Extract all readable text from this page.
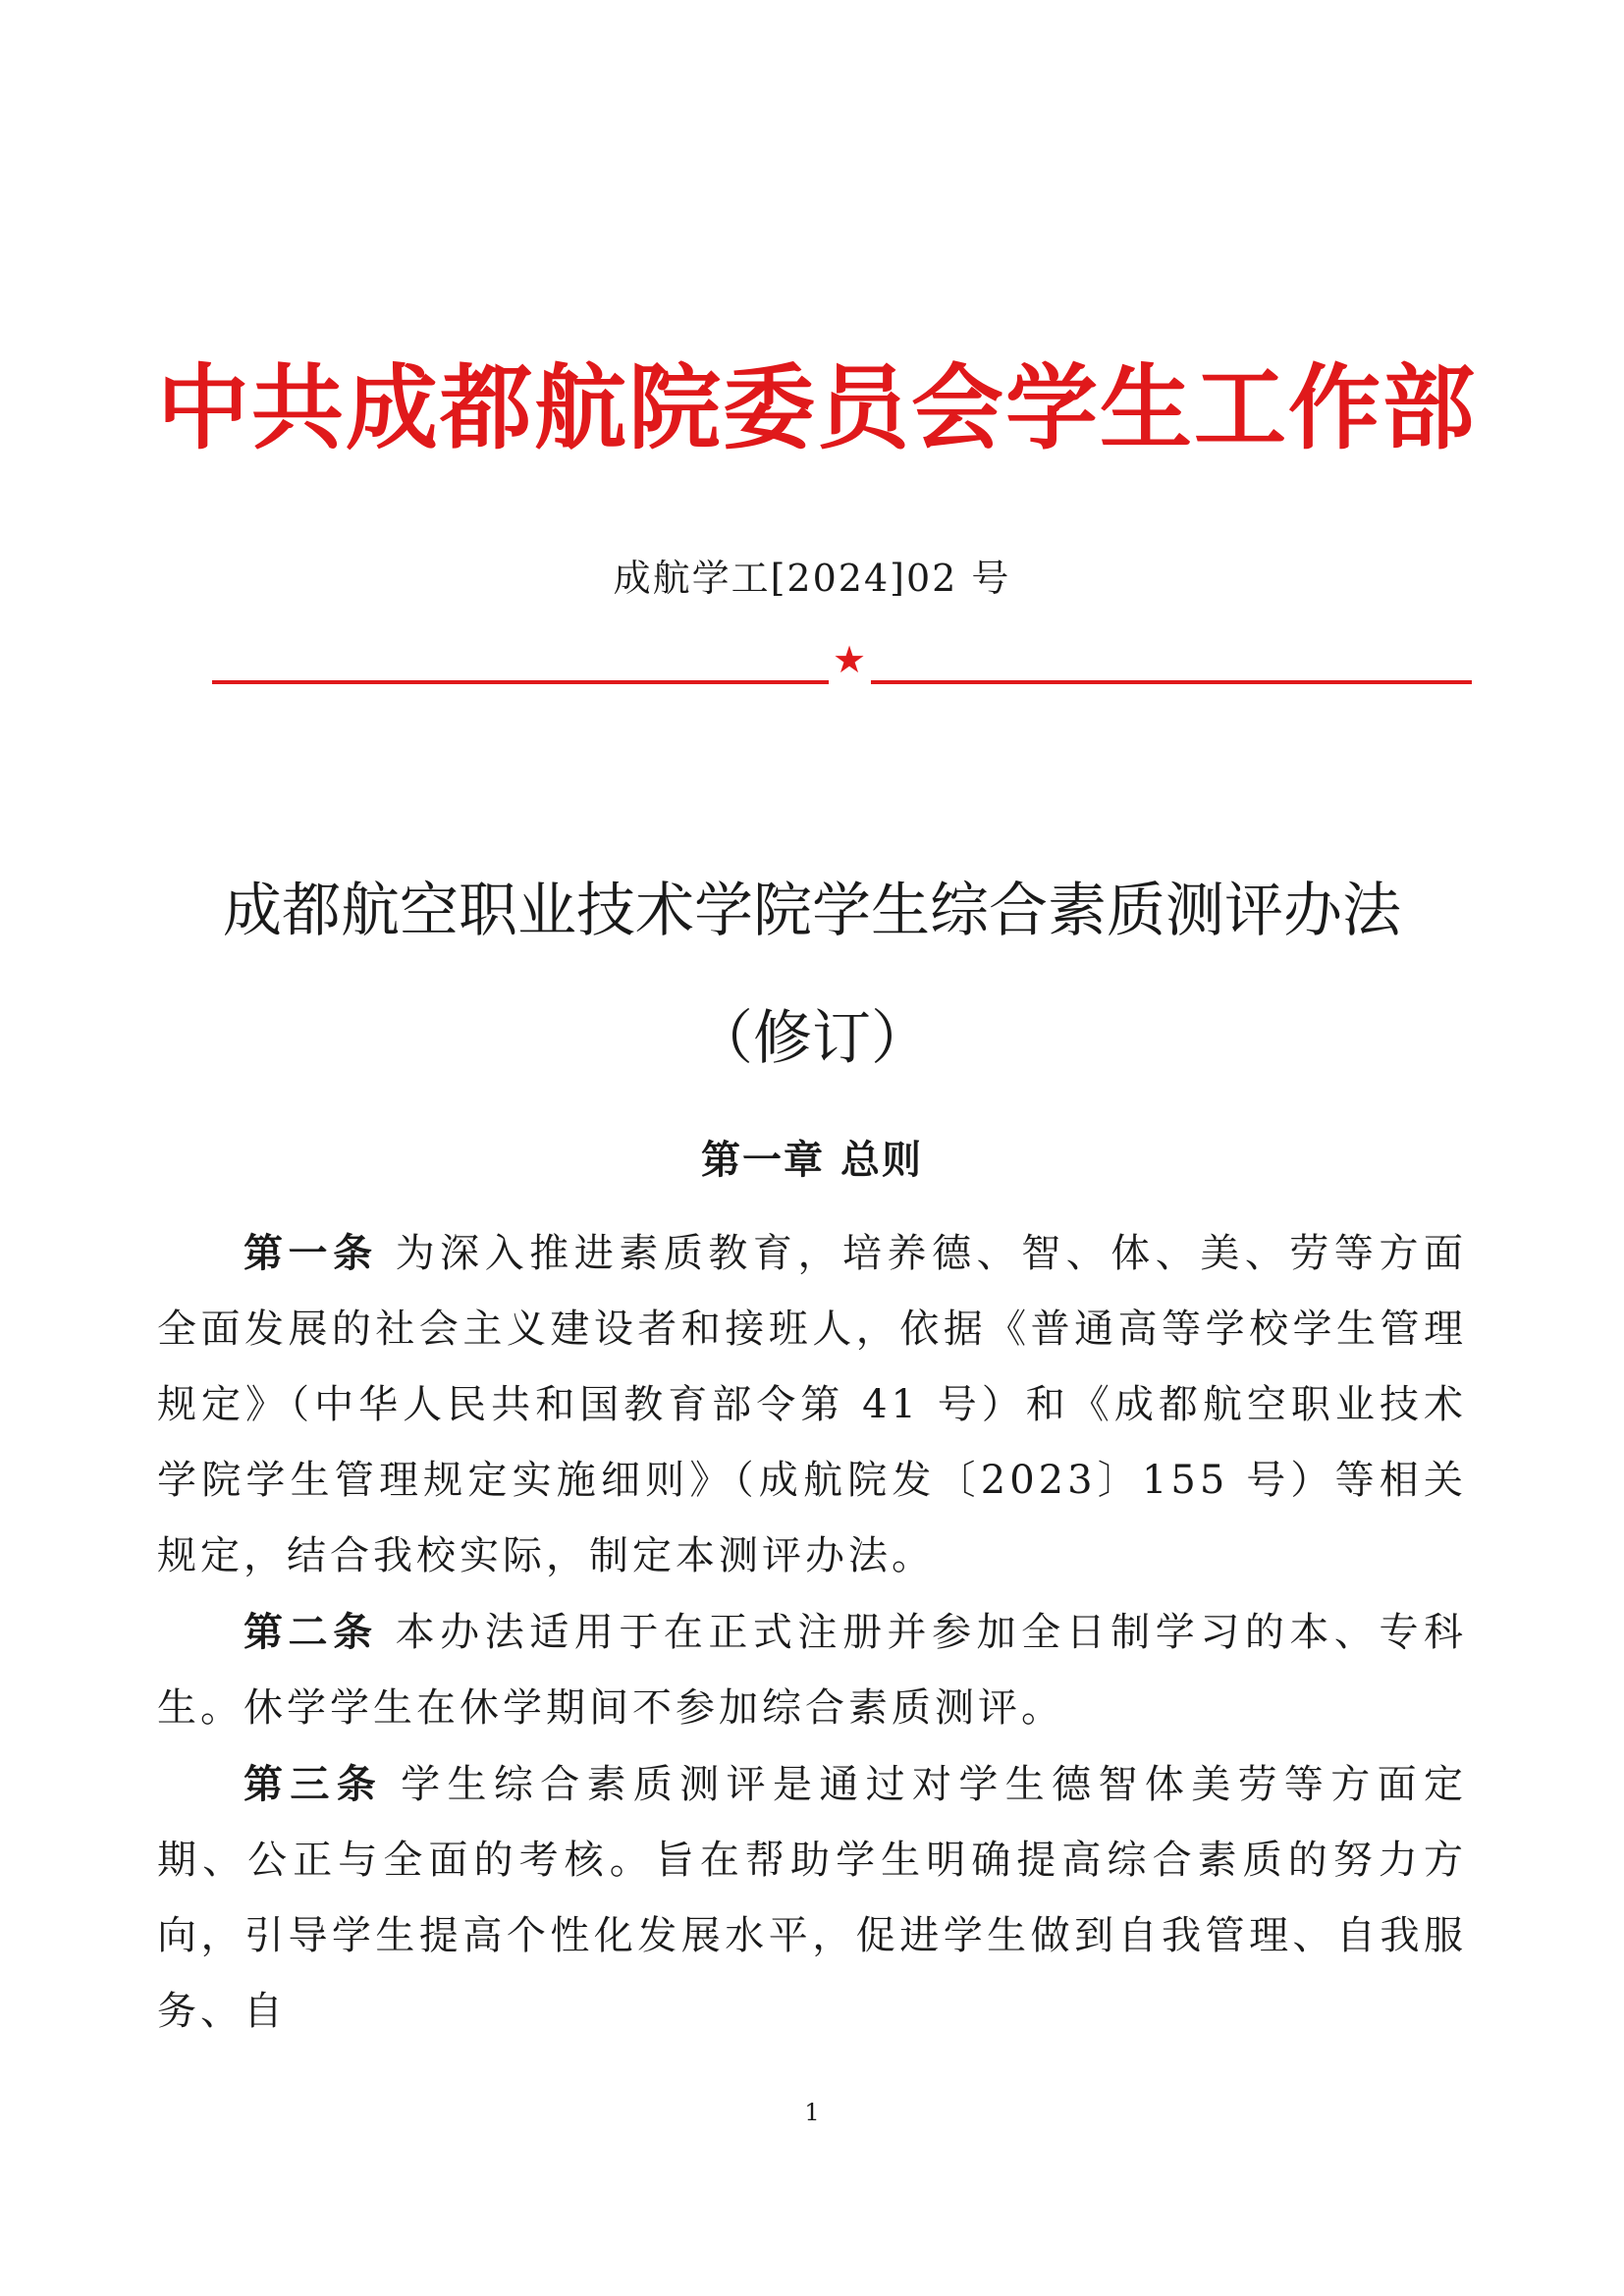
中共成都航院委员会学生工作部
成航学工[2024]02 号
★
成都航空职业技术学院学生综合素质测评办法
（修订）
第一章 总则

第一条 为深入推进素质教育，培养德、智、体、美、劳等方面全面发展的社会主义建设者和接班人，依据《普通高等学校学生管理规定》（中华人民共和国教育部令第 41 号）和《成都航空职业技术学院学生管理规定实施细则》（成航院发〔2023〕155 号）等相关规定，结合我校实际，制定本测评办法。

第二条 本办法适用于在正式注册并参加全日制学习的本、专科生。休学学生在休学期间不参加综合素质测评。

第三条 学生综合素质测评是通过对学生德智体美劳等方面定期、公正与全面的考核。旨在帮助学生明确提高综合素质的努力方向，引导学生提高个性化发展水平，促进学生做到自我管理、自我服务、自

1
